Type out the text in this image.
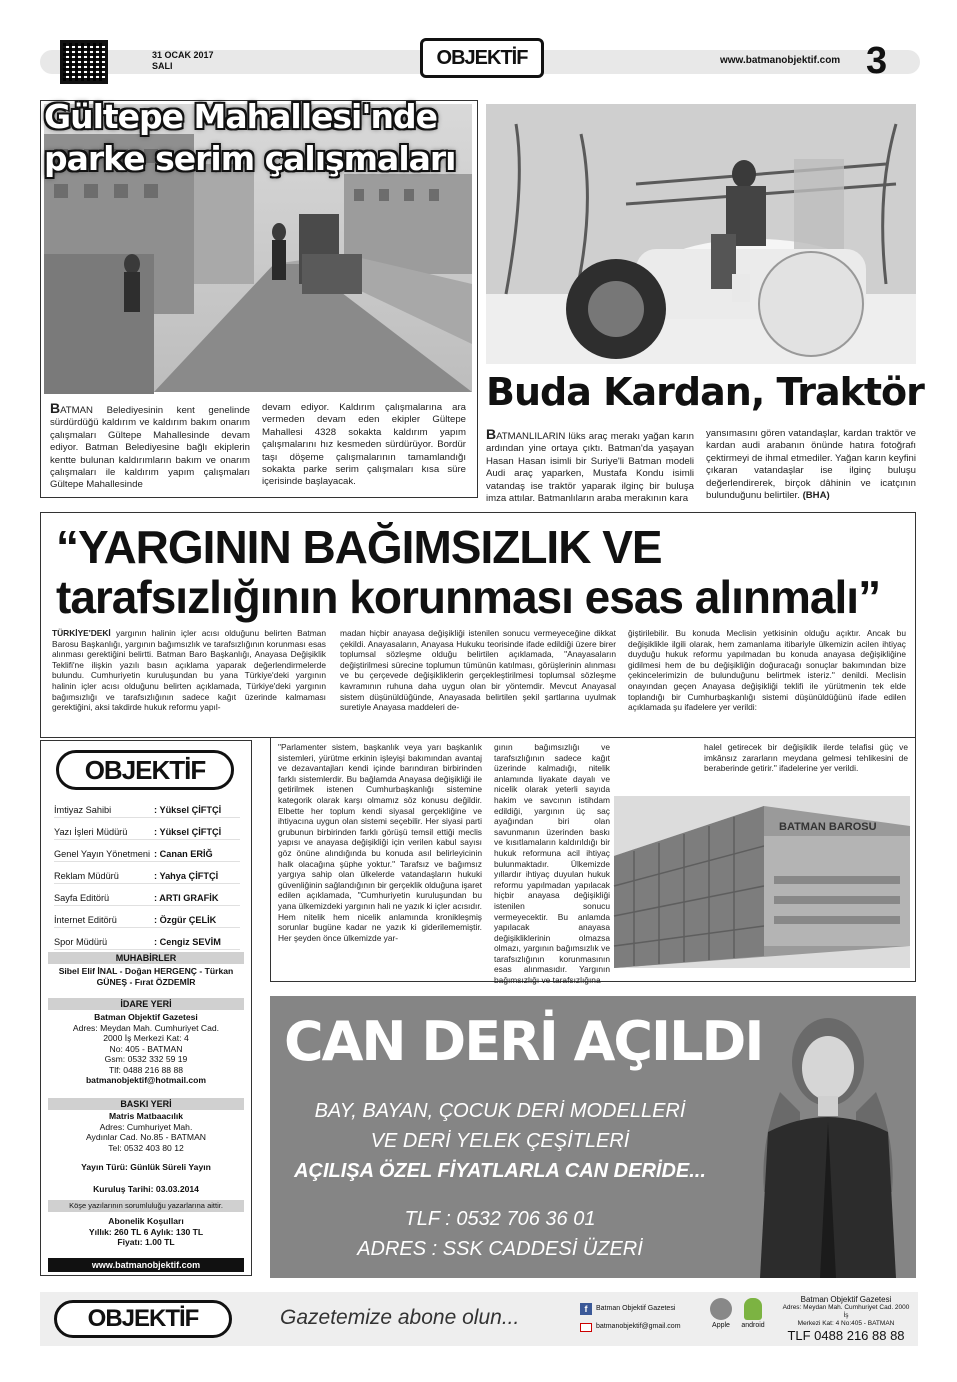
31 OCAK 2017
SALI	OBJEKTİF	www.batmanobjektif.com 3
Gültepe Mahallesi'nde
parke serim çalışmaları
BATMAN Belediyesinin kent genelinde sürdürdüğü kaldırım ve kaldırım bakım onarım çalışmaları Gültepe Mahallesinde devam ediyor. Batman Belediyesine bağlı ekiplerin kentte bulunan kaldırımların bakım ve onarım çalışmaları ile kaldırım yapım çalışmaları Gültepe Mahallesinde
devam ediyor. Kaldırım çalışmalarına ara vermeden devam eden ekipler Gültepe Mahallesi 4328 sokakta kaldırım yapım çalışmalarını hız kesmeden sürdürüyor. Bordür taşı döşeme çalışmalarının tamamlandığı sokakta parke serim çalışmaları kısa süre içerisinde başlayacak.
Buda Kardan, Traktör
BATMANLILARIN lüks araç merakı yağan karın ardından yine ortaya çıktı. Batman'da yaşayan Hasan Hasan isimli bir Suriye'li Batman modeli Audi araç yaparken, Mustafa Kondu isimli vatandaş ise traktör yaparak ilginç bir buluşa imza attılar. Batmanlıların araba merakının kara
yansımasını gören vatandaşlar, kardan traktör ve kardan audi arabanın önünde hatıra fotoğrafı çektirmeyi de ihmal etmediler. Yağan karın keyfini çıkaran vatandaşlar ise ilginç buluşu değerlendirerek, birçok dâhinin ve icatçının bulunduğunu belirtiler. (BHA)
“YARGININ BAĞIMSIZLIK VE
tarafsızlığının korunması esas alınmalı”
TÜRKİYE'DEKİ yargının halinin içler acısı olduğunu belirten Batman Barosu Başkanlığı, yargının bağımsızlık ve tarafsızlığının korunması esas alınması gerektiğini belirtti. Batman Baro Başkanlığı, Anayasa Değişiklik Teklifi'ne ilişkin yazılı basın açıklama yaparak değerlendirmelerde bulundu. Cumhuriyetin kuruluşundan bu yana Türkiye'deki yargının halinin içler acısı olduğunu belirten açıklamada, Türkiye'deki yargının bağımsızlığı ve tarafsızlığının sadece kağıt üzerinde kalmaması gerektiğini, aksi takdirde hukuk reformu yapıl-
madan hiçbir anayasa değişikliği istenilen sonucu vermeyeceğine dikkat çekildi. Anayasaların, Anayasa Hukuku teorisinde ifade edildiği üzere birer toplumsal sözleşme olduğu belirtilen açıklamada, "Anayasaların değiştirilmesi sürecine toplumun tümünün katılması, görüşlerinin alınması ve bu çerçevede değişikliklerin gerçekleştirilmesi toplumsal sözleşme kavramının ruhuna daha uygun olan bir yöntemdir. Mevcut Anayasal sistem düşünüldüğünde, Anayasada belirtilen şekil şartlarına uyulmak suretiyle Anayasa maddeleri de-
ğiştirilebilir. Bu konuda Meclisin yetkisinin olduğu açıktır. Ancak bu değişiklikle ilgili olarak, hem zamanlama itibariyle ülkemizin acilen ihtiyaç duyduğu hukuk reformu yapılmadan bu konuda anayasa değişikliğine gidilmesi hem de bu değişikliğin doğuracağı sonuçlar bakımından bize çekincelerimizin de bulunduğunu belirtmek isteriz." denildi. Meclisin onayından geçen Anayasa değişikliği teklifi ile yürütmenin tek elde toplandığı bir Cumhurbaşkanlığı sistemi düşünüldüğünü ifade edilen açıklamada şu ifadelere yer verildi:
"Parlamenter sistem, başkanlık veya yarı başkanlık sistemleri, yürütme erkinin işleyişi bakımından avantaj ve dezavantajları kendi içinde barındıran birbirinden farklı sistemlerdir. Bu bağlamda Anayasa değişikliği ile getirilmek istenen Cumhurbaşkanlığı sistemine kategorik olarak karşı olmamız söz konusu değildir. Elbette her toplum kendi siyasal gerçekliğine ve ihtiyacına uygun olan sistemi seçebilir. Her siyasi parti grubunun birbirinden farklı görüşü temsil ettiği meclis yapısı ve anayasa değişikliği için verilen kabul sayısı göz önüne alındığında bu konuda asıl belirleyicinin halk olacağına şüphe yoktur." Tarafsız ve bağımsız yargıya sahip olan ülkelerde vatandaşların hukuki güvenliğinin sağlandığının bir gerçeklik olduğuna işaret edilen açıklamada, "Cumhuriyetin kuruluşundan bu yana ülkemizdeki yargının hali ne yazık ki içler acısıdır. Hem nitelik hem nicelik anlamında kronikleşmiş sorunlar bugüne kadar ne yazık ki giderilememiştir. Her şeyden önce ülkemizde yar-
gının bağımsızlığı ve tarafsızlığının sadece kağıt üzerinde kalmadığı, nitelik anlamında liyakate dayalı ve nicelik olarak yeterli sayıda hakim ve savcının istihdam edildiği, yargının üç saç ayağından biri olan savunmanın üzerinden baskı ve kısıtlamaların kaldırıldığı bir hukuk reformuna acil ihtiyaç bulunmaktadır. Ülkemizde yıllardır ihtiyaç duyulan hukuk reformu yapılmadan yapılacak hiçbir anayasa değişikliği istenilen sonucu vermeyecektir. Bu anlamda yapılacak anayasa değişikliklerinin olmazsa olmazı, yargının bağımsızlık ve tarafsızlığının korunmasının esas alınmasıdır. Yargının bağımsızlığı ve tarafsızlığına
halel getirecek bir değişiklik ilerde telafisi güç ve imkânsız zararların meydana gelmesi tehlikesini de beraberinde getirir." ifadelerine yer verildi.
BATMAN BAROSU
OBJEKTİF
İmtiyaz Sahibi	: Yüksel ÇİFTÇİ
Yazı İşleri Müdürü	: Yüksel ÇİFTÇİ
Genel Yayın Yönetmeni : Canan ERİĞ
Reklam Müdürü	: Yahya ÇİFTÇİ
Sayfa Editörü	: ARTI GRAFİK
İnternet Editörü	: Özgür ÇELİK
Spor Müdürü	: Cengiz SEVİM
MUHABİRLER
Sibel Elif İNAL - Doğan HERGENÇ - Türkan GÜNEŞ - Fırat ÖZDEMİR
İDARE YERİ
Batman Objektif Gazetesi
Adres: Meydan Mah. Cumhuriyet Cad.
2000 İş Merkezi Kat: 4
No: 405 - BATMAN
Gsm: 0532 332 59 19
Tlf: 0488 216 88 88
batmanobjektif@hotmail.com
BASKI YERİ
Matris Matbaacılık
Adres: Cumhuriyet Mah.
Aydınlar Cad. No.85 - BATMAN
Tel: 0532 403 80 12
Yayın Türü: Günlük Süreli Yayın
Kuruluş Tarihi: 03.03.2014
Köşe yazılarının sorumluluğu yazarlarına aittir.
Abonelik Koşulları
Yıllık: 260 TL 6 Aylık: 130 TL
Fiyatı: 1.00 TL
www.batmanobjektif.com
CAN DERİ AÇILDI
BAY, BAYAN, ÇOCUK DERİ MODELLERİ
VE DERİ YELEK ÇEŞİTLERİ
AÇILIŞA ÖZEL FİYATLARLA CAN DERİDE...
TLF : 0532 706 36 01
ADRES : SSK CADDESİ ÜZERİ
OBJEKTİF	Gazetemize abone olun...	f	Batman Objektif Gazetesi
batmanobjektif@gmail.com	Apple	android
Batman Objektif Gazetesi
Adres: Meydan Mah. Cumhuriyet Cad. 2000 İş
Merkezi Kat: 4 No:405 - BATMAN
TLF 0488 216 88 88
